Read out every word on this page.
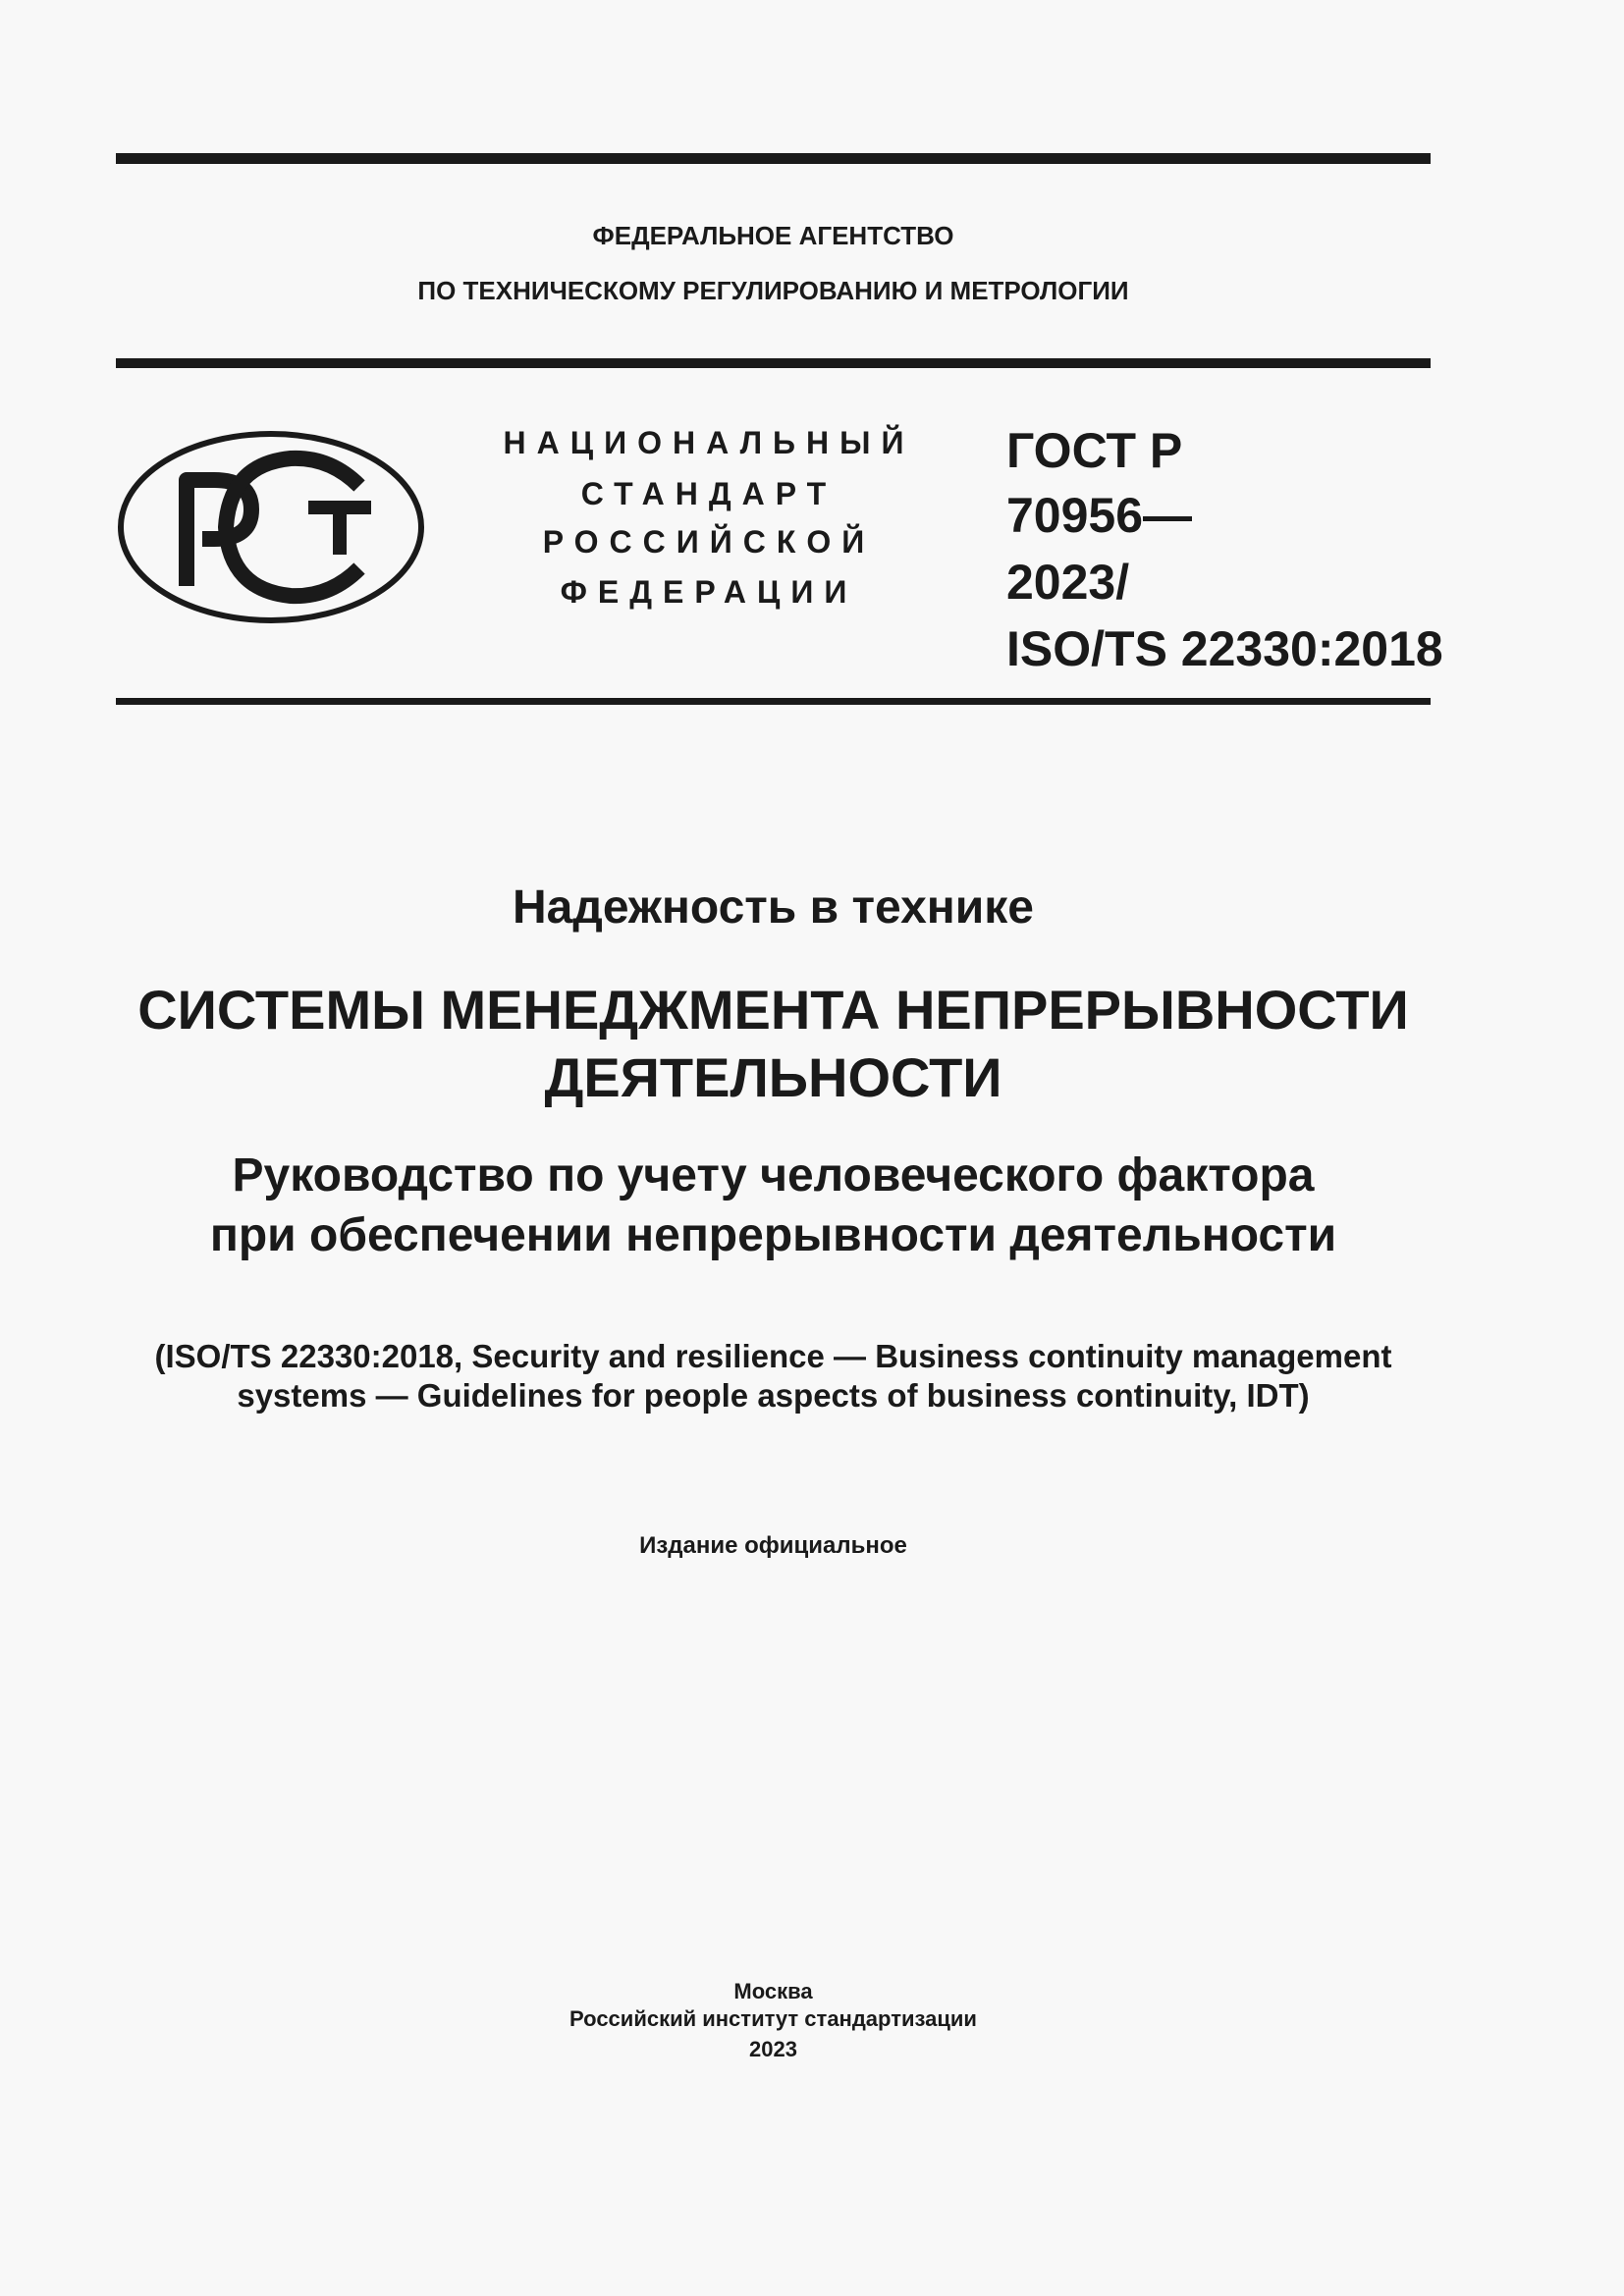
ФЕДЕРАЛЬНОЕ АГЕНТСТВО
ПО ТЕХНИЧЕСКОМУ РЕГУЛИРОВАНИЮ И МЕТРОЛОГИИ
НАЦИОНАЛЬНЫЙ
СТАНДАРТ
РОССИЙСКОЙ
ФЕДЕРАЦИИ
ГОСТ Р
70956—
2023/
ISO/TS 22330:2018
Надежность в технике
СИСТЕМЫ МЕНЕДЖМЕНТА НЕПРЕРЫВНОСТИ
ДЕЯТЕЛЬНОСТИ
Руководство по учету человеческого фактора
при обеспечении непрерывности деятельности
(ISO/TS 22330:2018, Security and resilience — Business continuity management
systems — Guidelines for people aspects of business continuity, IDT)
Издание официальное
Москва
Российский институт стандартизации
2023
